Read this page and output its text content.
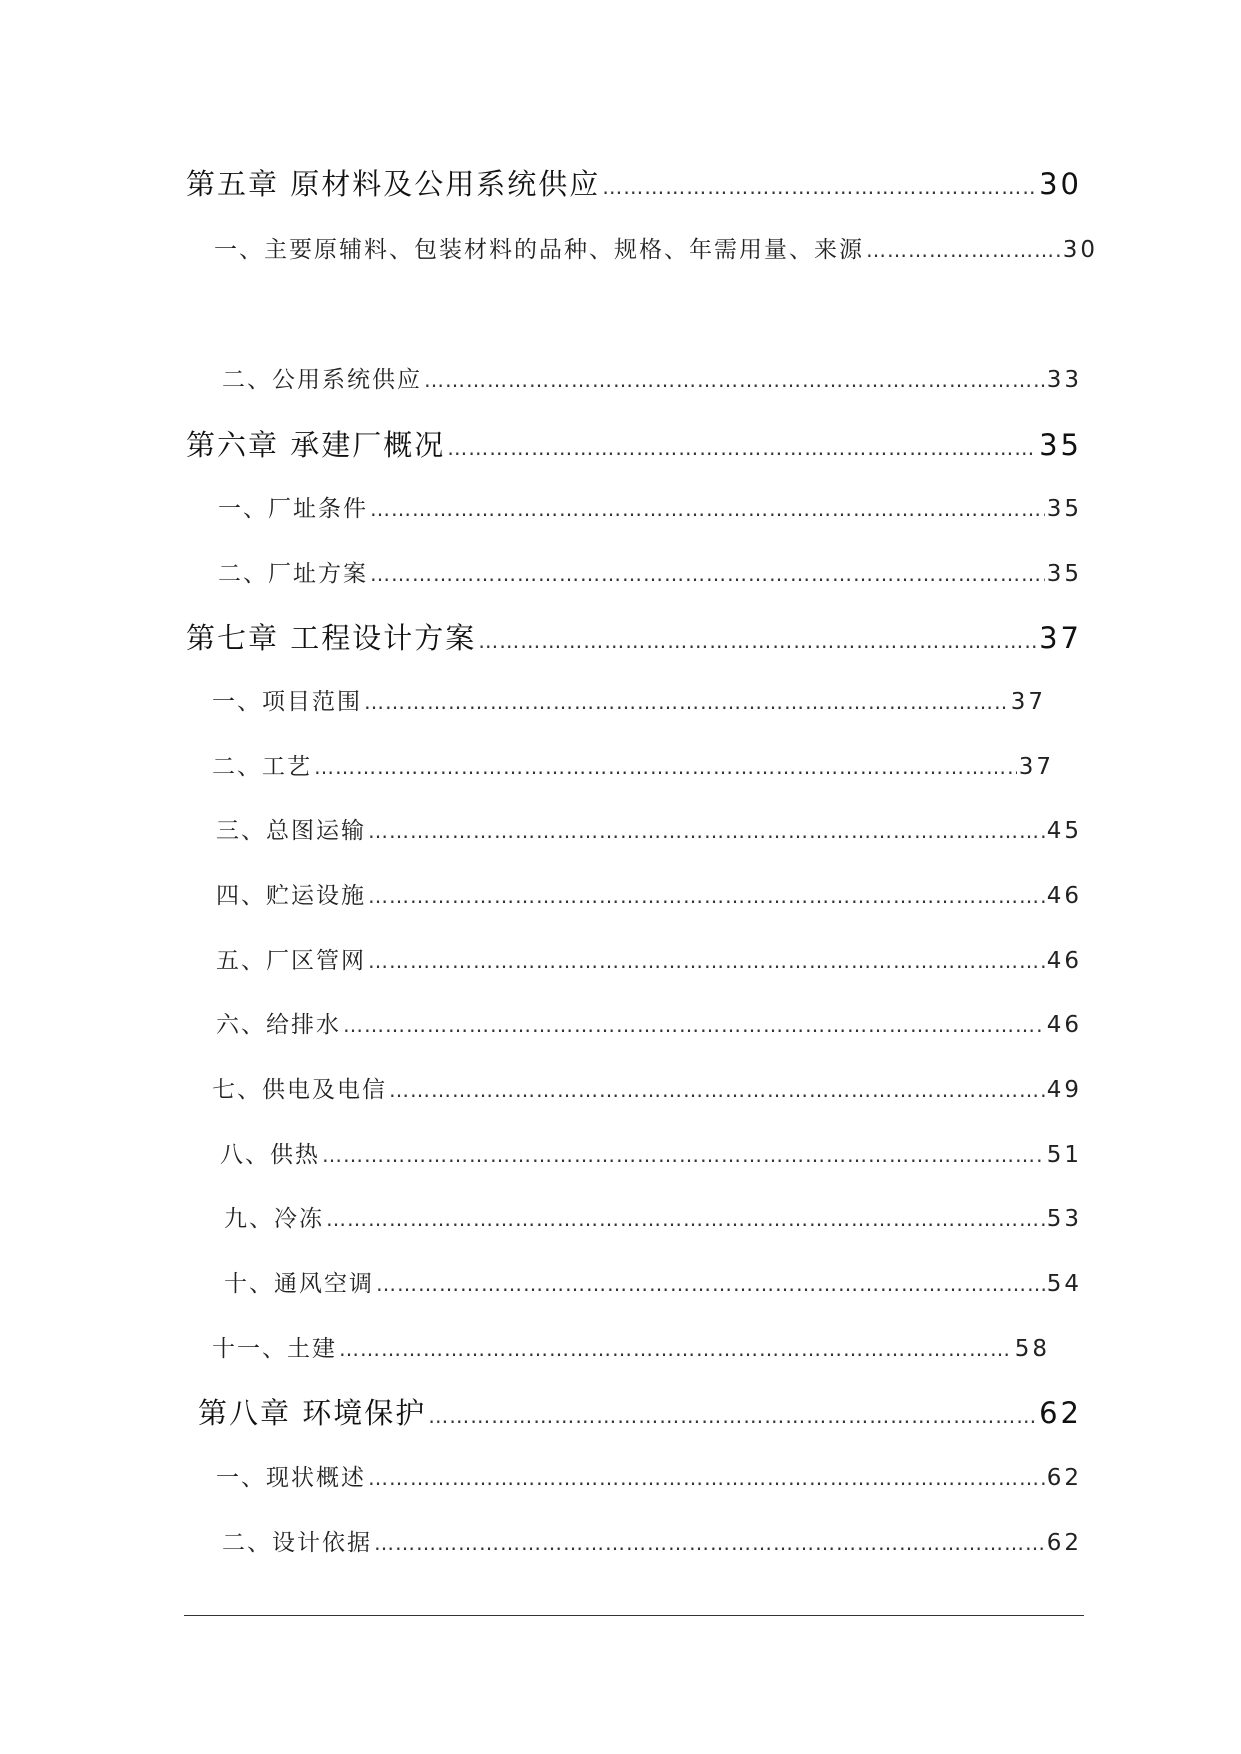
第五章 原材料及公用系统供应 ………………………………………………………………………………………………………………………………………………………………………………………………………………	30
一、主要原辅料、包装材料的品种、规格、年需用量、来源 ………………………………………………………………………………………………………………………………………………………………………………………………………………	30
二、公用系统供应 ………………………………………………………………………………………………………………………………………………………………………………………………………………	33
第六章 承建厂概况 ………………………………………………………………………………………………………………………………………………………………………………………………………………	35
一、厂址条件 ………………………………………………………………………………………………………………………………………………………………………………………………………………	35
二、厂址方案 ………………………………………………………………………………………………………………………………………………………………………………………………………………	35
第七章 工程设计方案 ………………………………………………………………………………………………………………………………………………………………………………………………………………	37
一、项目范围 ………………………………………………………………………………………………………………………………………………………………………………………………………………	37
二、工艺 ………………………………………………………………………………………………………………………………………………………………………………………………………………	37
三、总图运输 ………………………………………………………………………………………………………………………………………………………………………………………………………………	45
四、贮运设施 ………………………………………………………………………………………………………………………………………………………………………………………………………………	46
五、厂区管网 ………………………………………………………………………………………………………………………………………………………………………………………………………………	46
六、给排水 ………………………………………………………………………………………………………………………………………………………………………………………………………………	46
七、供电及电信 ………………………………………………………………………………………………………………………………………………………………………………………………………………	49
八、供热 ………………………………………………………………………………………………………………………………………………………………………………………………………………	51
九、冷冻 ………………………………………………………………………………………………………………………………………………………………………………………………………………	53
十、通风空调 ………………………………………………………………………………………………………………………………………………………………………………………………………………	54
十一、土建 ………………………………………………………………………………………………………………………………………………………………………………………………………………	58
第八章 环境保护 ………………………………………………………………………………………………………………………………………………………………………………………………………………	62
一、现状概述 ………………………………………………………………………………………………………………………………………………………………………………………………………………	62
二、设计依据 ………………………………………………………………………………………………………………………………………………………………………………………………………………	62
